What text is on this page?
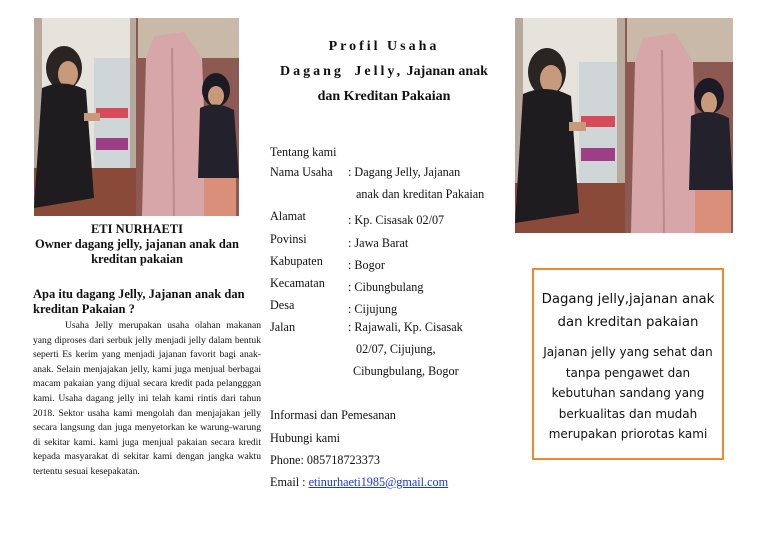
ETI NURHAETI
Owner dagang jelly, jajanan anak dan kreditan pakaian
Apa itu dagang Jelly, Jajanan anak dan kreditan Pakaian ?
Usaha Jelly merupakan usaha olahan makanan yang diproses dari serbuk jelly menjadi jelly dalam bentuk seperti Es kerim yang menjadi jajanan favorit bagi anak-anak. Selain menjajakan jelly, kami juga menjual berbagai macam pakaian yang dijual secara kredit pada pelangggan kami. Usaha dagang jelly ini telah kami rintis dari tahun 2018. Sektor usaha kami mengolah dan menjajakan jelly secara langsung dan juga menyetorkan ke warung-warung di sekitar kami. kami juga menjual pakaian secara kredit kepada masyarakat di sekitar kami dengan jangka waktu tertentu sesuai kesepakatan.
Profil Usaha
Dagang Jelly, Jajanan anak
dan Kreditan Pakaian
Tentang kami
Nama Usaha : Dagang Jelly, Jajanan
anak dan kreditan Pakaian
Alamat	: Kp. Cisasak 02/07
Povinsi	: Jawa Barat
Kabupaten : Bogor
Kecamatan : Cibungbulang
Desa	: Cijujung
Jalan	: Rajawali, Kp. Cisasak
02/07, Cijujung,
Cibungbulang, Bogor
Informasi dan Pemesanan
Hubungi kami
Phone: 085718723373
Email : etinurhaeti1985@gmail.com
Dagang jelly,jajanan anak dan kreditan pakaian
Jajanan jelly yang sehat dan tanpa pengawet dan kebutuhan sandang yang berkualitas dan mudah merupakan priorotas kami
